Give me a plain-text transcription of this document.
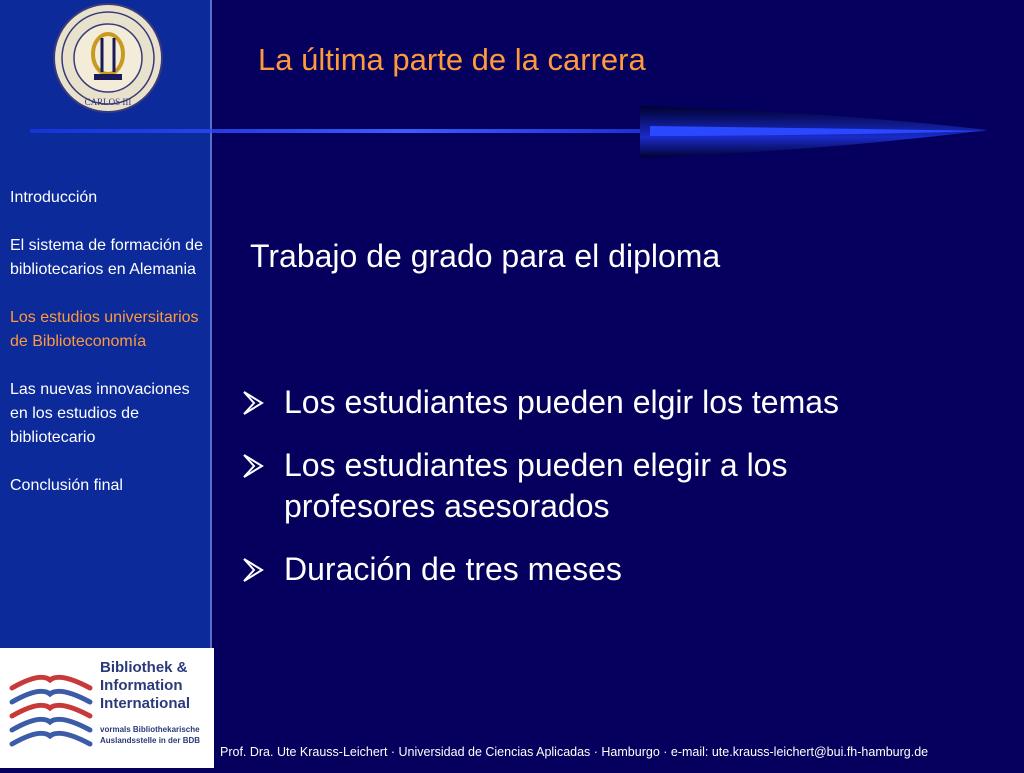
CARLOS III
Introducción
El sistema de formación de bibliotecarios en Alemania
Los estudios universitarios de Biblioteconomía
Las nuevas innovaciones en los estudios de bibliotecario
Conclusión final
Bibliothek &
Information
International
vormals Bibliothekarische
Auslandsstelle in der BDB
La última parte de la carrera
Trabajo de grado para el diploma
Los estudiantes pueden elgir los temas
Los estudiantes pueden elegir a los profesores asesorados
Duración de tres meses
Prof. Dra. Ute Krauss-Leichert · Universidad de Ciencias Aplicadas · Hamburgo · e-mail: ute.krauss-leichert@bui.fh-hamburg.de
